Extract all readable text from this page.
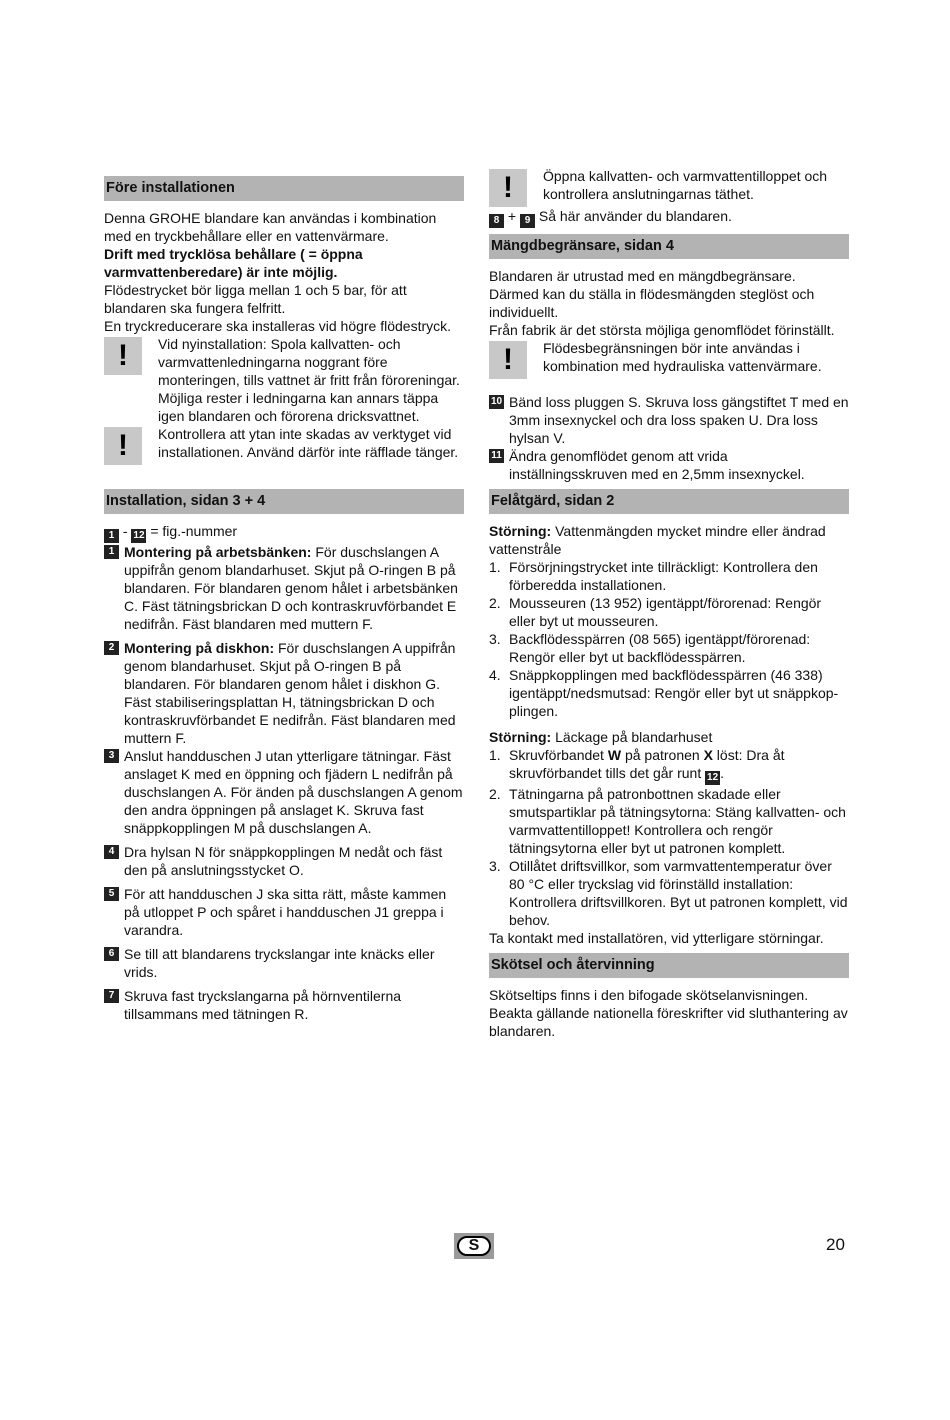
Före installationen

Denna GROHE blandare kan användas i kombination med en tryckbehållare eller en vattenvärmare.

Drift med trycklösa behållare ( = öppna varmvattenberedare) är inte möjlig.

Flödestrycket bör ligga mellan 1 och 5 bar, för att blandaren ska fungera felfritt.

En tryckreducerare ska installeras vid högre flödestryck.

!	Vid nyinstallation: Spola kallvatten- och varmvattenledningarna noggrant före monteringen, tills vattnet är fritt från föroreningar. Möjliga rester i ledningarna kan annars täppa igen blandaren och förorena dricksvattnet.

!	Kontrollera att ytan inte skadas av verktyget vid installationen. Använd därför inte räfflade tänger.

Installation, sidan 3 + 4

1 - 12 = fig.-nummer

1 Montering på arbetsbänken: För duschslangen A uppifrån genom blandarhuset. Skjut på O-ringen B på blandaren. För blandaren genom hålet i arbetsbänken C. Fäst tätningsbrickan D och kontraskruvförbandet E nedifrån. Fäst blandaren med muttern F.
2 Montering på diskhon: För duschslangen A uppifrån genom blandarhuset. Skjut på O-ringen B på blandaren. För blandaren genom hålet i diskhon G. Fäst stabiliseringsplattan H, tätningsbrickan D och kontraskruvförbandet E nedifrån. Fäst blandaren med muttern F.
3 Anslut handduschen J utan ytterligare tätningar. Fäst anslaget K med en öppning och fjädern L nedifrån på duschslangen A. För änden på duschslangen A genom den andra öppningen på anslaget K. Skruva fast snäppkopplingen M på duschslangen A.
4 Dra hylsan N för snäppkopplingen M nedåt och fäst den på anslutningsstycket O.
5 För att handduschen J ska sitta rätt, måste kammen på utloppet P och spåret i handduschen J1 greppa i varandra.
6 Se till att blandarens tryckslangar inte knäcks eller vrids.
7 Skruva fast tryckslangarna på hörnventilerna tillsammans med tätningen R.
!	Öppna kallvatten- och varmvattentilloppet och kontrollera anslutningarnas täthet.

8 + 9 Så här använder du blandaren.

Mängdbegränsare, sidan 4

Blandaren är utrustad med en mängdbegränsare. Därmed kan du ställa in flödesmängden steglöst och individuellt.

Från fabrik är det största möjliga genomflödet förinställt.

!	Flödesbegränsningen bör inte användas i kombination med hydrauliska vattenvärmare.

10 Bänd loss pluggen S. Skruva loss gängstiftet T med en 3mm insexnyckel och dra loss spaken U. Dra loss hylsan V.
11 Ändra genomflödet genom att vrida inställningsskruven med en 2,5mm insexnyckel.
Felåtgärd, sidan 2

Störning: Vattenmängden mycket mindre eller ändrad vattenstråle

1. Försörjningstrycket inte tillräckligt: Kontrollera den förberedda installationen.
2. Mousseuren (13 952) igentäppt/förorenad: Rengör eller byt ut mousseuren.
3. Backflödesspärren (08 565) igentäppt/förorenad: Rengör eller byt ut backflödesspärren.
4. Snäppkopplingen med backflödesspärren (46 338) igentäppt/nedsmutsad: Rengör eller byt ut snäppkop-plingen.

Störning: Läckage på blandarhuset

1. Skruvförbandet W på patronen X löst: Dra åt skruvförbandet tills det går runt 12 .
2. Tätningarna på patronbottnen skadade eller smutspartiklar på tätningsytorna: Stäng kallvatten- och varmvattentilloppet! Kontrollera och rengör tätningsytorna eller byt ut patronen komplett.
3. Otillåtet driftsvillkor, som varmvattentemperatur över 80 °C eller tryckslag vid förinställd installation: Kontrollera driftsvillkoren. Byt ut patronen komplett, vid behov.

Ta kontakt med installatören, vid ytterligare störningar.

Skötsel och återvinning

Skötseltips finns i den bifogade skötselanvisningen. Beakta gällande nationella föreskrifter vid sluthantering av blandaren.

S	20
